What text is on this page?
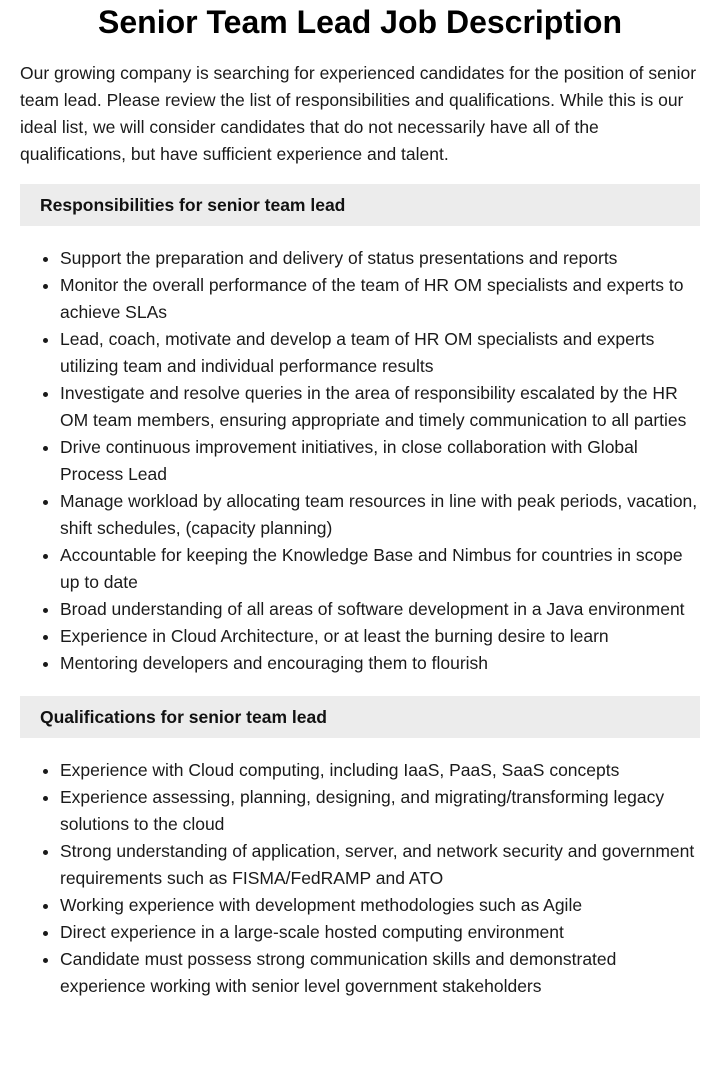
Senior Team Lead Job Description

Our growing company is searching for experienced candidates for the position of senior team lead. Please review the list of responsibilities and qualifications. While this is our ideal list, we will consider candidates that do not necessarily have all of the qualifications, but have sufficient experience and talent.

Responsibilities for senior team lead
Support the preparation and delivery of status presentations and reports
Monitor the overall performance of the team of HR OM specialists and experts to achieve SLAs
Lead, coach, motivate and develop a team of HR OM specialists and experts utilizing team and individual performance results
Investigate and resolve queries in the area of responsibility escalated by the HR OM team members, ensuring appropriate and timely communication to all parties
Drive continuous improvement initiatives, in close collaboration with Global Process Lead
Manage workload by allocating team resources in line with peak periods, vacation, shift schedules, (capacity planning)
Accountable for keeping the Knowledge Base and Nimbus for countries in scope up to date
Broad understanding of all areas of software development in a Java environment
Experience in Cloud Architecture, or at least the burning desire to learn
Mentoring developers and encouraging them to flourish
Qualifications for senior team lead
Experience with Cloud computing, including IaaS, PaaS, SaaS concepts
Experience assessing, planning, designing, and migrating/transforming legacy solutions to the cloud
Strong understanding of application, server, and network security and government requirements such as FISMA/FedRAMP and ATO
Working experience with development methodologies such as Agile
Direct experience in a large-scale hosted computing environment
Candidate must possess strong communication skills and demonstrated experience working with senior level government stakeholders
